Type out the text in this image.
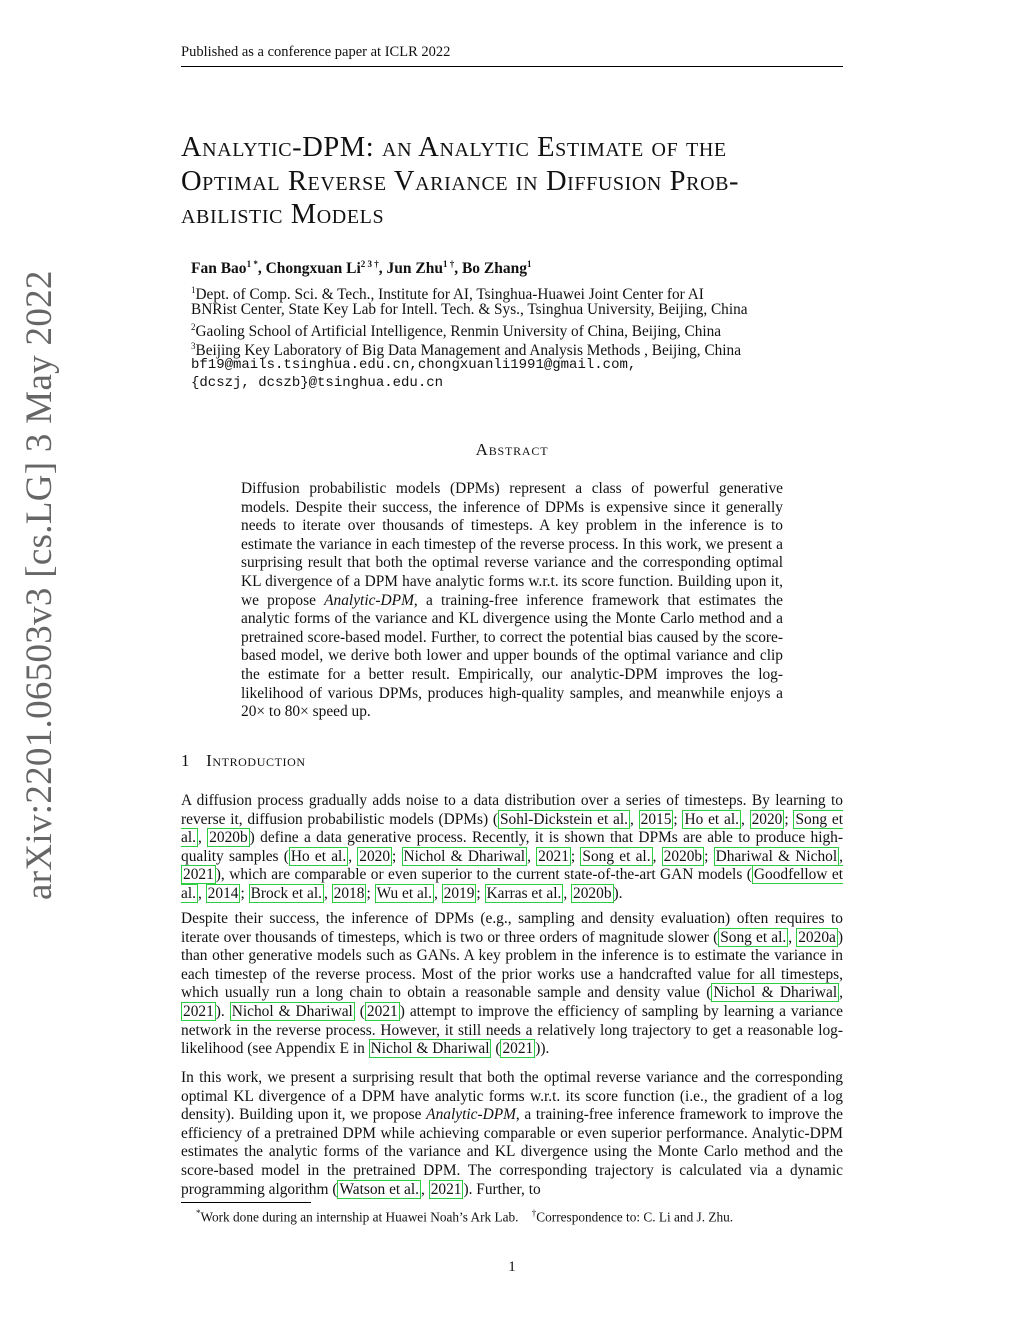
Published as a conference paper at ICLR 2022
arXiv:2201.06503v3 [cs.LG] 3 May 2022
Analytic-DPM: an Analytic Estimate of the
Optimal Reverse Variance in Diffusion Prob-
abilistic Models
Fan Bao$^{1 *}$, Chongxuan $Li^{2 3 \dagger}$, Jun Zhu$^{1 \dagger}$, Bo Zhang$^1$
$^1$Dept. of Comp. Sci. & Tech., Institute for AI, Tsinghua-Huawei Joint Center for AI
BNRist Center, State Key Lab for Intell. Tech. & Sys., Tsinghua University, Beijing, China
$^2$Gaoling School of Artificial Intelligence, Renmin University of China, Beijing, China
$^3$Beijing Key Laboratory of Big Data Management and Analysis Methods , Beijing, China
bf19@mails.tsinghua.edu.cn,chongxuanli1991@gmail.com,
{dcszj, dcszb}@tsinghua.edu.cn
Abstract
Diffusion probabilistic models (DPMs) represent a class of powerful generative models. Despite their success, the inference of DPMs is expensive since it generally needs to iterate over thousands of timesteps. A key problem in the inference is to estimate the variance in each timestep of the reverse process. In this work, we present a surprising result that both the optimal reverse variance and the corresponding optimal KL divergence of a DPM have analytic forms w.r.t. its score function. Building upon it, we propose Analytic-DPM, a training-free inference framework that estimates the analytic forms of the variance and KL divergence using the Monte Carlo method and a pretrained score-based model. Further, to correct the potential bias caused by the score-based model, we derive both lower and upper bounds of the optimal variance and clip the estimate for a better result. Empirically, our analytic-DPM improves the log-likelihood of various DPMs, produces high-quality samples, and meanwhile enjoys a 20× to 80× speed up.
1 Introduction
A diffusion process gradually adds noise to a data distribution over a series of timesteps. By learning to reverse it, diffusion probabilistic models (DPMs) ( Sohl-Dickstein et al. , 2015 ; Ho et al. , 2020 ; Song et al. , 2020b ) define a data generative process. Recently, it is shown that DPMs are able to produce high-quality samples ( Ho et al. , 2020 ; Nichol & Dhariwal , 2021 ; Song et al. , 2020b ; Dhariwal & Nichol , 2021 ), which are comparable or even superior to the current state-of-the-art GAN models ( Goodfellow et al. , 2014 ; Brock et al. , 2018 ; Wu et al. , 2019 ; Karras et al. , 2020b ).
Despite their success, the inference of DPMs (e.g., sampling and density evaluation) often requires to iterate over thousands of timesteps, which is two or three orders of magnitude slower ( Song et al. , 2020a ) than other generative models such as GANs. A key problem in the inference is to estimate the variance in each timestep of the reverse process. Most of the prior works use a handcrafted value for all timesteps, which usually run a long chain to obtain a reasonable sample and density value ( Nichol & Dhariwal , 2021 ). Nichol & Dhariwal ( 2021 ) attempt to improve the efficiency of sampling by learning a variance network in the reverse process. However, it still needs a relatively long trajectory to get a reasonable log-likelihood (see Appendix E in Nichol & Dhariwal ( 2021 )).
In this work, we present a surprising result that both the optimal reverse variance and the corresponding optimal KL divergence of a DPM have analytic forms w.r.t. its score function (i.e., the gradient of a log density). Building upon it, we propose Analytic-DPM, a training-free inference framework to improve the efficiency of a pretrained DPM while achieving comparable or even superior performance. Analytic-DPM estimates the analytic forms of the variance and KL divergence using the Monte Carlo method and the score-based model in the pretrained DPM. The corresponding trajectory is calculated via a dynamic programming algorithm ( Watson et al. , 2021 ). Further, to
*Work done during an internship at Huawei Noah’s Ark Lab. †Correspondence to: C. Li and J. Zhu.
1
